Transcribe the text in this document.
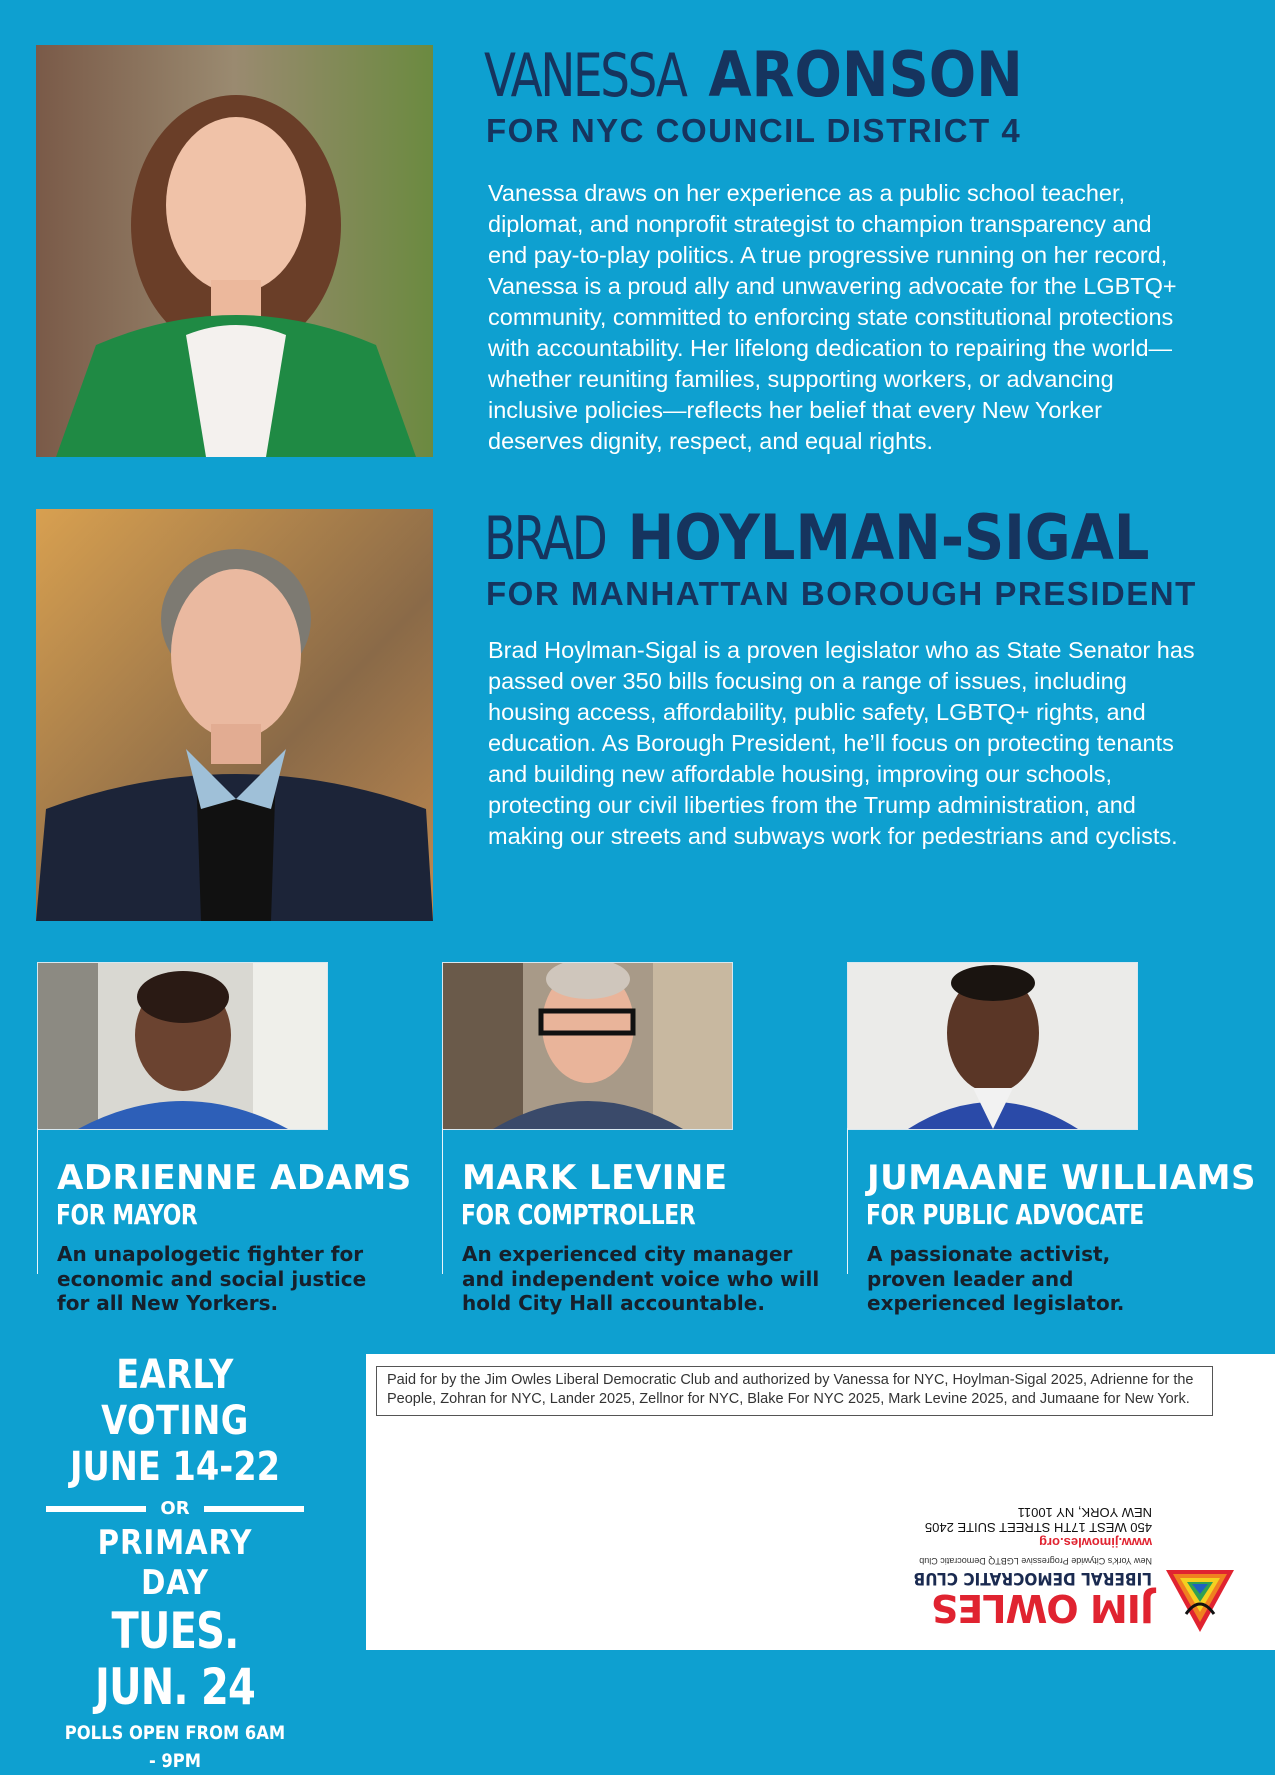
VANESSA ARONSON
FOR NYC COUNCIL DISTRICT 4

Vanessa draws on her experience as a public school teacher, diplomat, and nonprofit strategist to champion transparency and end pay-to-play politics. A true progressive running on her record, Vanessa is a proud ally and unwavering advocate for the LGBTQ+ community, committed to enforcing state constitutional protections with accountability. Her lifelong dedication to repairing the world—whether reuniting families, supporting workers, or advancing inclusive policies—reflects her belief that every New Yorker deserves dignity, respect, and equal rights.

BRAD HOYLMAN-SIGAL
FOR MANHATTAN BOROUGH PRESIDENT

Brad Hoylman-Sigal is a proven legislator who as State Senator has passed over 350 bills focusing on a range of issues, including housing access, affordability, public safety, LGBTQ+ rights, and education. As Borough President, he’ll focus on protecting tenants and building new affordable housing, improving our schools, protecting our civil liberties from the Trump administration, and making our streets and subways work for pedestrians and cyclists.

ADRIENNE ADAMS
FOR MAYOR
An unapologetic fighter for economic and social justice for all New Yorkers.
MARK LEVINE
FOR COMPTROLLER
An experienced city manager and independent voice who will hold City Hall accountable.
JUMAANE WILLIAMS
FOR PUBLIC ADVOCATE
A passionate activist, proven leader and experienced legislator.
EARLY VOTING
JUNE 14-22
OR
PRIMARY DAY
TUES. JUN. 24
POLLS OPEN FROM 6AM - 9PM
Paid for by the Jim Owles Liberal Democratic Club and authorized by Vanessa for NYC, Hoylman-Sigal 2025, Adrienne for the People, Zohran for NYC, Lander 2025, Zellnor for NYC, Blake For NYC 2025, Mark Levine 2025, and Jumaane for New York.
JIM OWLES
LIBERAL DEMOCRATIC CLUB
New York's Citywide Progressive LGBTQ Democratic Club
www.jimowles.org
450 WEST 17TH STREET SUITE 2405
NEW YORK, NY 10011
